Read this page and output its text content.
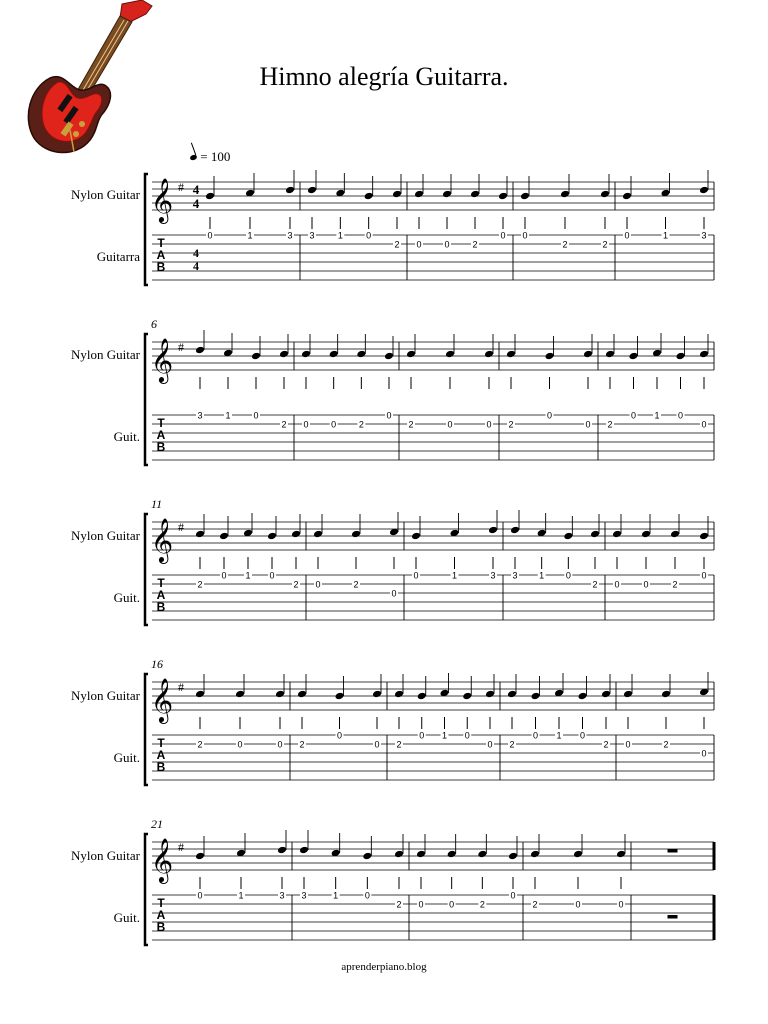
Himno alegría Guitarra.
= 100
Nylon Guitar
Guitarra
Nylon Guitar
Guit.
Nylon Guitar
Guit.
Nylon Guitar
Guit.
Nylon Guitar
Guit.
6
11
16
21
aprenderpiano.blog
𝄞 #
T
A
B
4
4
4
4
0	1	3 3	1	0
2 0	0	2
0 0
2	2
0	1	3
𝄞 #
T
A
B
3	1	0
2 0	0	2
0
2	0	0 2
0
0 2
0 1 0
0
𝄞 #
T
A
B
2
0 1 0
2 0	2
0
0	1	3 3 1 0
2 0	0	2
0
𝄞 #
T
A
B
2	0	0 2
0
0 2
0 1 0
0 2
0 1 0
2 0	2
0
𝄞 #
T
A
B
0	1	3 3	1	0
2 0	0	2
0
2	0	0
